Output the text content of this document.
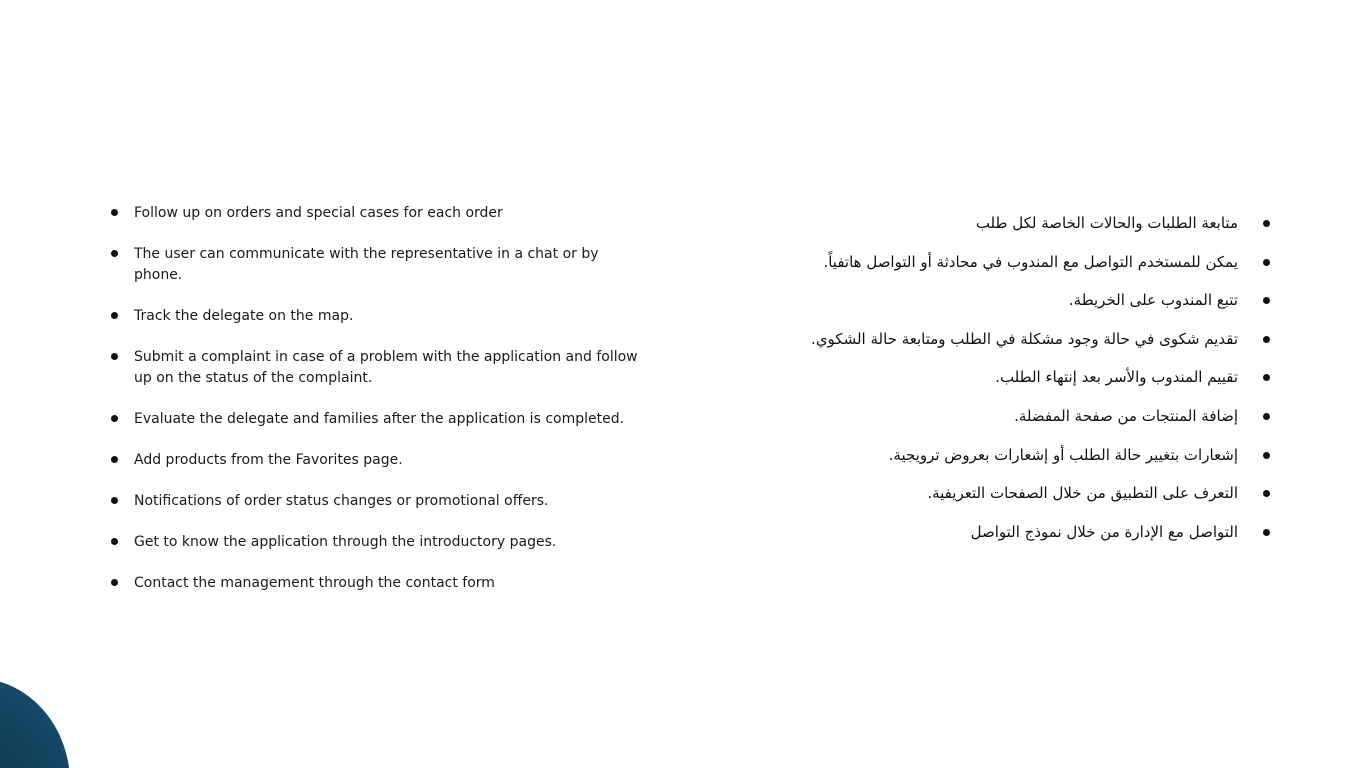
Follow up on orders and special cases for each order
The user can communicate with the representative in a chat or by phone.
Track the delegate on the map.
Submit a complaint in case of a problem with the application and follow up on the status of the complaint.
Evaluate the delegate and families after the application is completed.
Add products from the Favorites page.
Notifications of order status changes or promotional offers.
Get to know the application through the introductory pages.
Contact the management through the contact form
متابعة الطلبات والحالات الخاصة لكل طلب
يمكن للمستخدم التواصل مع المندوب في محادثة أو التواصل هاتفياً.
تتبع المندوب على الخريطة.
تقديم شكوى في حالة وجود مشكلة في الطلب ومتابعة حالة الشكوي.
تقييم المندوب والأسر بعد إنتهاء الطلب.
إضافة المنتجات من صفحة المفضلة.
إشعارات بتغيير حالة الطلب أو إشعارات بعروض ترويجية.
التعرف على التطبيق من خلال الصفحات التعريفية.
التواصل مع الإدارة من خلال نموذج التواصل
